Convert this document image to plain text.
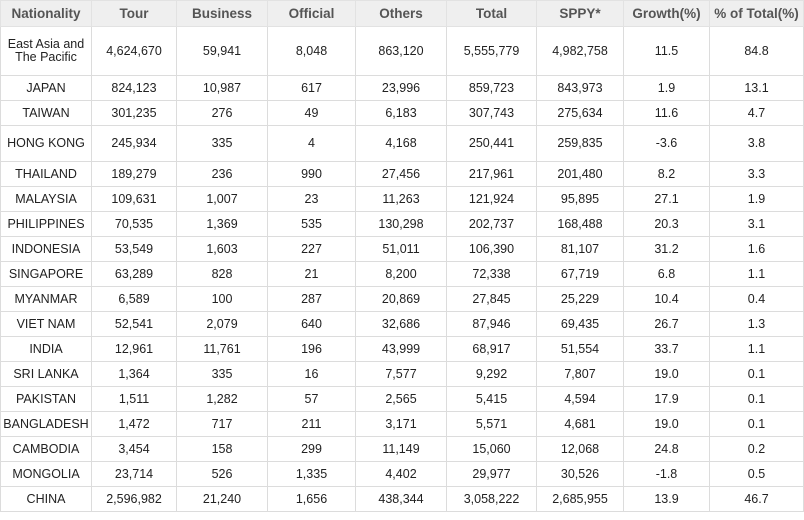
Nationality	Tour	Business	Official	Others	Total	SPPY*	Growth(%)	% of Total(%)
East Asia and The Pacific	4,624,670	59,941	8,048	863,120	5,555,779	4,982,758	11.5	84.8
JAPAN	824,123	10,987	617	23,996	859,723	843,973	1.9	13.1
TAIWAN	301,235	276	49	6,183	307,743	275,634	11.6	4.7
HONG KONG	245,934	335	4	4,168	250,441	259,835	-3.6	3.8
THAILAND	189,279	236	990	27,456	217,961	201,480	8.2	3.3
MALAYSIA	109,631	1,007	23	11,263	121,924	95,895	27.1	1.9
PHILIPPINES	70,535	1,369	535	130,298	202,737	168,488	20.3	3.1
INDONESIA	53,549	1,603	227	51,011	106,390	81,107	31.2	1.6
SINGAPORE	63,289	828	21	8,200	72,338	67,719	6.8	1.1
MYANMAR	6,589	100	287	20,869	27,845	25,229	10.4	0.4
VIET NAM	52,541	2,079	640	32,686	87,946	69,435	26.7	1.3
INDIA	12,961	11,761	196	43,999	68,917	51,554	33.7	1.1
SRI LANKA	1,364	335	16	7,577	9,292	7,807	19.0	0.1
PAKISTAN	1,511	1,282	57	2,565	5,415	4,594	17.9	0.1
BANGLADESH	1,472	717	211	3,171	5,571	4,681	19.0	0.1
CAMBODIA	3,454	158	299	11,149	15,060	12,068	24.8	0.2
MONGOLIA	23,714	526	1,335	4,402	29,977	30,526	-1.8	0.5
CHINA	2,596,982	21,240	1,656	438,344	3,058,222	2,685,955	13.9	46.7
